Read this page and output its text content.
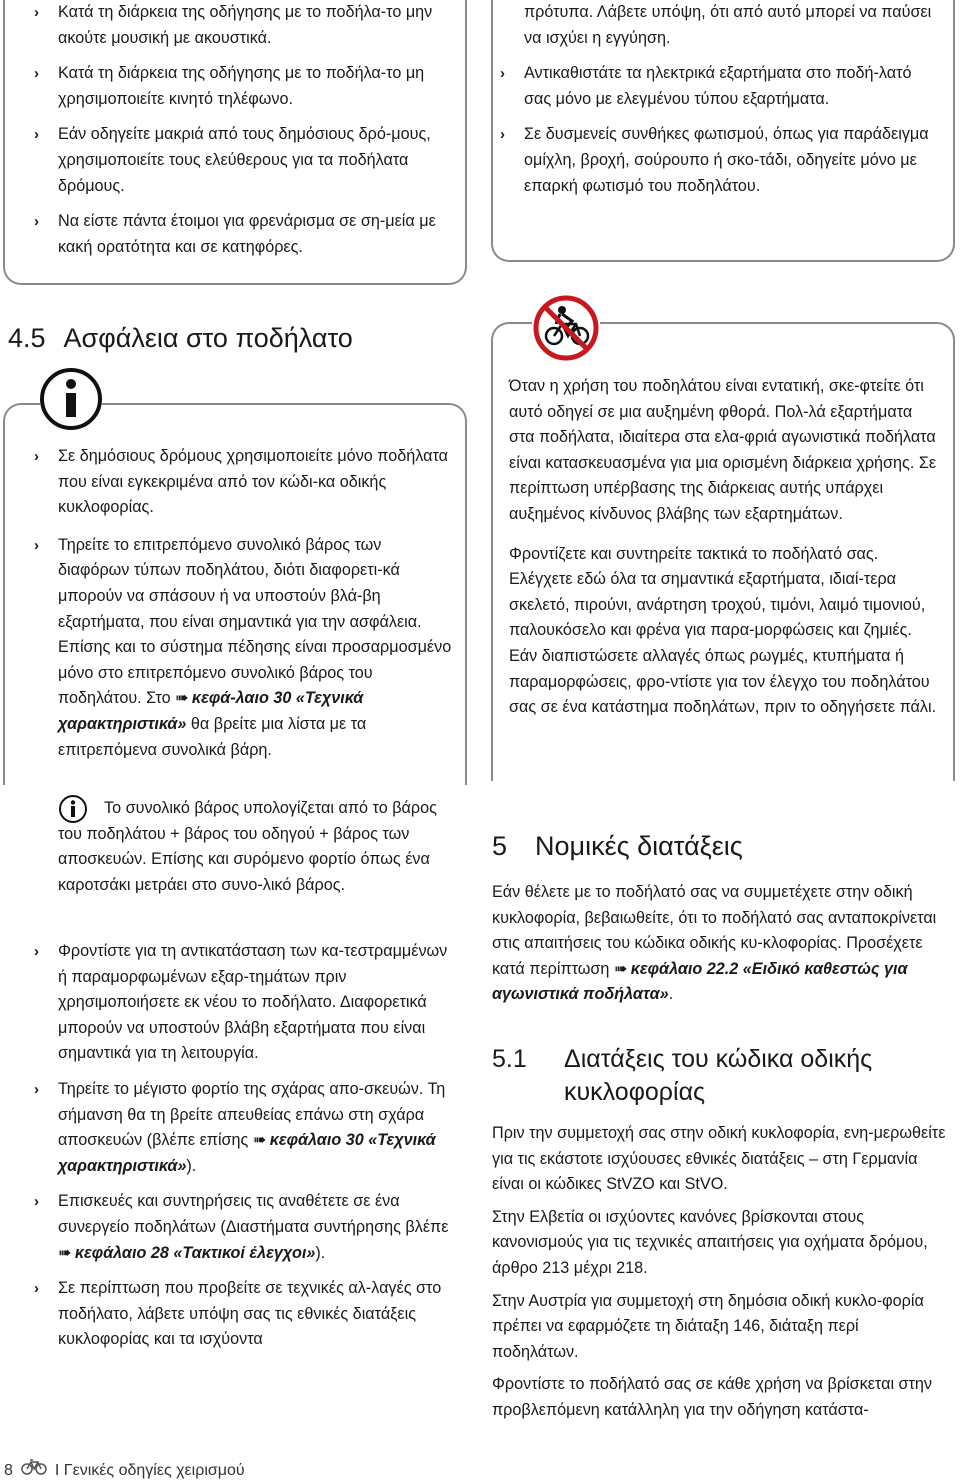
› Κατά τη διάρκεια της οδήγησης με το ποδήλα-το μην ακούτε μουσική με ακουστικά.
› Κατά τη διάρκεια της οδήγησης με το ποδήλα-το μη χρησιμοποιείτε κινητό τηλέφωνο.
› Εάν οδηγείτε μακριά από τους δημόσιους δρό-μους, χρησιμοποιείτε τους ελεύθερους για τα ποδήλατα δρόμους.
› Να είστε πάντα έτοιμοι για φρενάρισμα σε ση-μεία με κακή ορατότητα και σε κατηφόρες.

πρότυπα. Λάβετε υπόψη, ότι από αυτό μπορεί να παύσει να ισχύει η εγγύηση.

› Αντικαθιστάτε τα ηλεκτρικά εξαρτήματα στο ποδή-λατό σας μόνο με ελεγμένου τύπου εξαρτήματα.
› Σε δυσμενείς συνθήκες φωτισμού, όπως για παράδειγμα ομίχλη, βροχή, σούρουπο ή σκο-τάδι, οδηγείτε μόνο με επαρκή φωτισμό του ποδηλάτου.
4.5 Ασφάλεια στο ποδήλατο
› Σε δημόσιους δρόμους χρησιμοποιείτε μόνο ποδήλατα που είναι εγκεκριμένα από τον κώδι-κα οδικής κυκλοφορίας.
› Τηρείτε το επιτρεπόμενο συνολικό βάρος των διαφόρων τύπων ποδηλάτου, διότι διαφορετι-κά μπορούν να σπάσουν ή να υποστούν βλά-βη εξαρτήματα, που είναι σημαντικά για την ασφάλεια. Επίσης και το σύστημα πέδησης είναι προσαρμοσμένο μόνο στο επιτρεπόμενο συνολικό βάρος του ποδηλάτου. Στο ➠  κεφά-λαιο 30 «Τεχνικά χαρακτηριστικά» θα βρείτε μια λίστα με τα επιτρεπόμενα συνολικά βάρη.

Το συνολικό βάρος υπολογίζεται από το βάρος του ποδηλάτου + βάρος του οδηγού + βάρος των αποσκευών. Επίσης και συρόμενο φορτίο όπως ένα καροτσάκι μετράει στο συνο-λικό βάρος.

› Φροντίστε για τη αντικατάσταση των κα-τεστραμμένων ή παραμορφωμένων εξαρ-τημάτων πριν χρησιμοποιήσετε εκ νέου το ποδήλατο. Διαφορετικά μπορούν να υποστούν βλάβη εξαρτήματα που είναι σημαντικά για τη λειτουργία.
› Τηρείτε το μέγιστο φορτίο της σχάρας απο-σκευών. Τη σήμανση θα τη βρείτε απευθείας επάνω στη σχάρα αποσκευών (βλέπε επίσης ➠  κεφάλαιο 30 «Τεχνικά χαρακτηριστικά»).
› Επισκευές και συντηρήσεις τις αναθέτετε σε ένα συνεργείο ποδηλάτων (Διαστήματα συντήρησης βλέπε ➠  κεφάλαιο 28 «Τακτικοί έλεγχοι»).
› Σε περίπτωση που προβείτε σε τεχνικές αλ-λαγές στο ποδήλατο, λάβετε υπόψη σας τις εθνικές διατάξεις κυκλοφορίας και τα ισχύοντα

Όταν η χρήση του ποδηλάτου είναι εντατική, σκε-φτείτε ότι αυτό οδηγεί σε μια αυξημένη φθορά. Πολ-λά εξαρτήματα στα ποδήλατα, ιδιαίτερα στα ελα-φριά αγωνιστικά ποδήλατα είναι κατασκευασμένα για μια ορισμένη διάρκεια χρήσης. Σε περίπτωση υπέρβασης της διάρκειας αυτής υπάρχει αυξημένος κίνδυνος βλάβης των εξαρτημάτων.

Φροντίζετε και συντηρείτε τακτικά το ποδήλατό σας. Ελέγχετε εδώ όλα τα σημαντικά εξαρτήματα, ιδιαί-τερα σκελετό, πιρούνι, ανάρτηση τροχού, τιμόνι, λαιμό τιμονιού, παλουκόσελο και φρένα για παρα-μορφώσεις και ζημιές. Εάν διαπιστώσετε αλλαγές όπως ρωγμές, κτυπήματα ή παραμορφώσεις, φρο-ντίστε για τον έλεγχο του ποδηλάτου σας σε ένα κατάστημα ποδηλάτων, πριν το οδηγήσετε πάλι.

5 Νομικές διατάξεις

Εάν θέλετε με το ποδήλατό σας να συμμετέχετε στην οδική κυκλοφορία, βεβαιωθείτε, ότι το ποδήλατό σας ανταποκρίνεται στις απαιτήσεις του κώδικα οδικής κυ-κλοφορίας. Προσέχετε κατά περίπτωση ➠  κεφάλαιο 22.2 «Ειδικό καθεστώς για αγωνιστικά ποδήλατα».

5.1	Διατάξεις του κώδικα οδικής κυκλοφορίας

Πριν την συμμετοχή σας στην οδική κυκλοφορία, ενη-μερωθείτε για τις εκάστοτε ισχύουσες εθνικές διατάξεις – στη Γερμανία είναι οι κώδικες StVZO και StVO.

Στην Ελβετία οι ισχύοντες κανόνες βρίσκονται στους κανονισμούς για τις τεχνικές απαιτήσεις για οχήματα δρόμου, άρθρο 213 μέχρι 218.

Στην Αυστρία για συμμετοχή στη δημόσια οδική κυκλο-φορία πρέπει να εφαρμόζετε τη διάταξη 146, διάταξη περί ποδηλάτων.

Φροντίστε το ποδήλατό σας σε κάθε χρήση να βρίσκεται στην προβλεπόμενη κατάλληλη για την οδήγηση κατάστα-

8	I Γενικές οδηγίες χειρισμού
